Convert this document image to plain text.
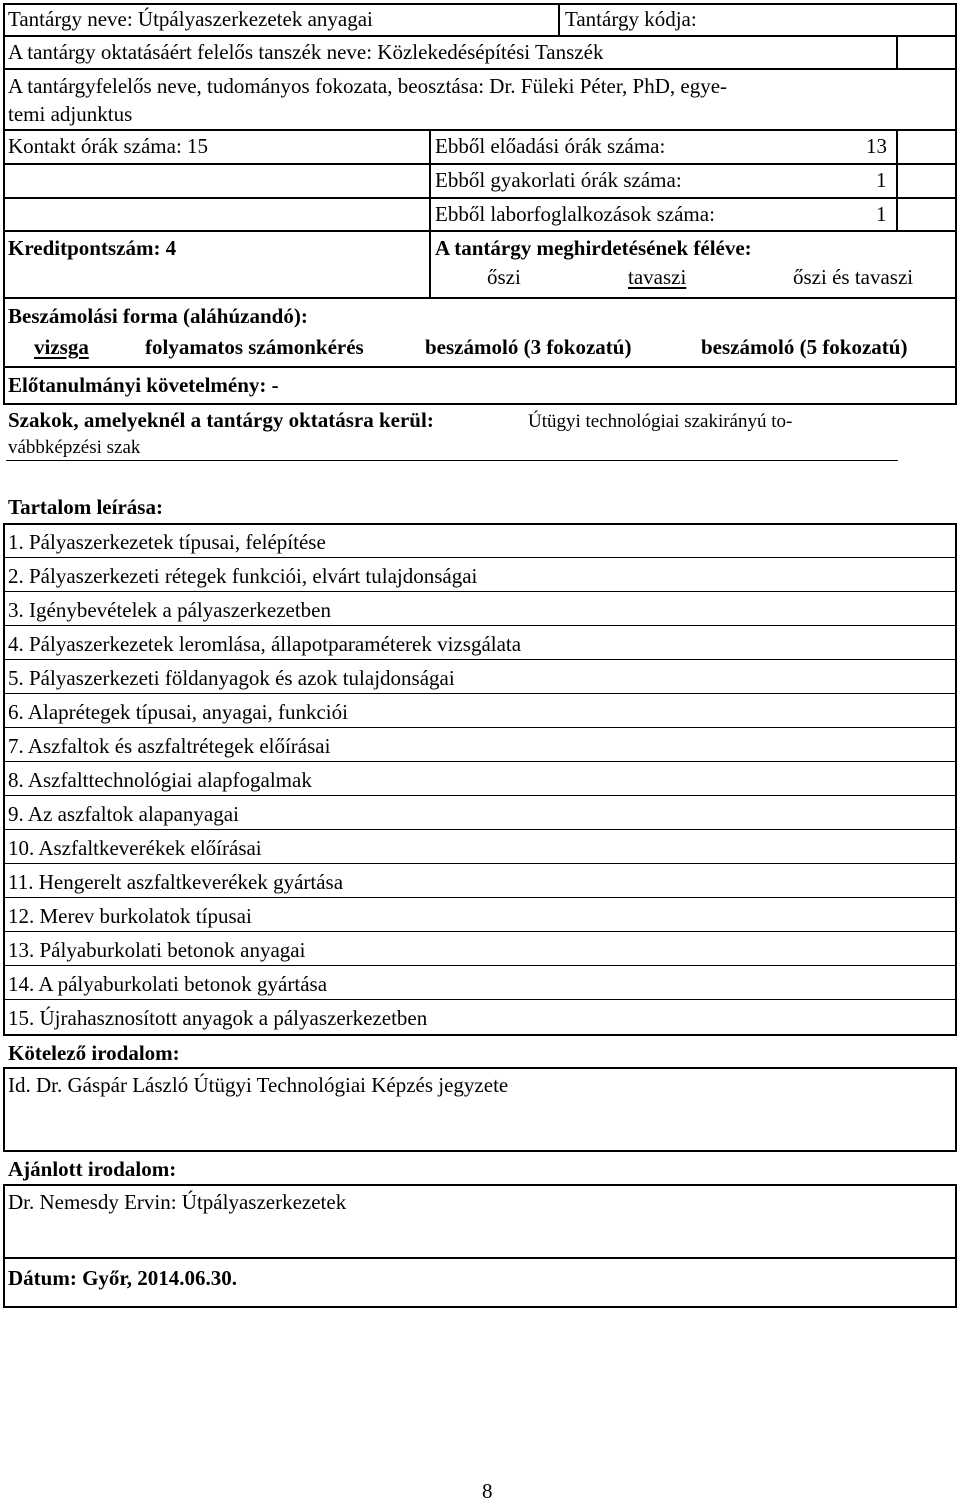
Tantárgy neve: Útpályaszerkezetek anyagai	Tantárgy kódja:
A tantárgy oktatásáért felelős tanszék neve: Közlekedésépítési Tanszék
A tantárgyfelelős neve, tudományos fokozata, beosztása: Dr. Füleki Péter, PhD, egye-
temi adjunktus
Kontakt órák száma: 15	Ebből előadási órák száma:	13
Ebből gyakorlati órák száma:	1
Ebből laborfoglalkozások száma:	1
Kreditpontszám: 4	A tantárgy meghirdetésének féléve:
őszi	tavaszi	őszi és tavaszi
Beszámolási forma (aláhúzandó):
vizsga	folyamatos számonkérés	beszámoló (3 fokozatú)	beszámoló (5 fokozatú)
Előtanulmányi követelmény: -
Szakok, amelyeknél a tantárgy oktatásra kerül:	Útügyi technológiai szakirányú to-
vábbképzési szak
Tartalom leírása:
1. Pályaszerkezetek típusai, felépítése
2. Pályaszerkezeti rétegek funkciói, elvárt tulajdonságai
3. Igénybevételek a pályaszerkezetben
4. Pályaszerkezetek leromlása, állapotparaméterek vizsgálata
5. Pályaszerkezeti földanyagok és azok tulajdonságai
6. Alaprétegek típusai, anyagai, funkciói
7. Aszfaltok és aszfaltrétegek előírásai
8. Aszfalttechnológiai alapfogalmak
9. Az aszfaltok alapanyagai
10. Aszfaltkeverékek előírásai
11. Hengerelt aszfaltkeverékek gyártása
12. Merev burkolatok típusai
13. Pályaburkolati betonok anyagai
14. A pályaburkolati betonok gyártása
15. Újrahasznosított anyagok a pályaszerkezetben
Kötelező irodalom:
Id. Dr. Gáspár László Útügyi Technológiai Képzés jegyzete
Ajánlott irodalom:
Dr. Nemesdy Ervin: Útpályaszerkezetek
Dátum: Győr, 2014.06.30.
8
